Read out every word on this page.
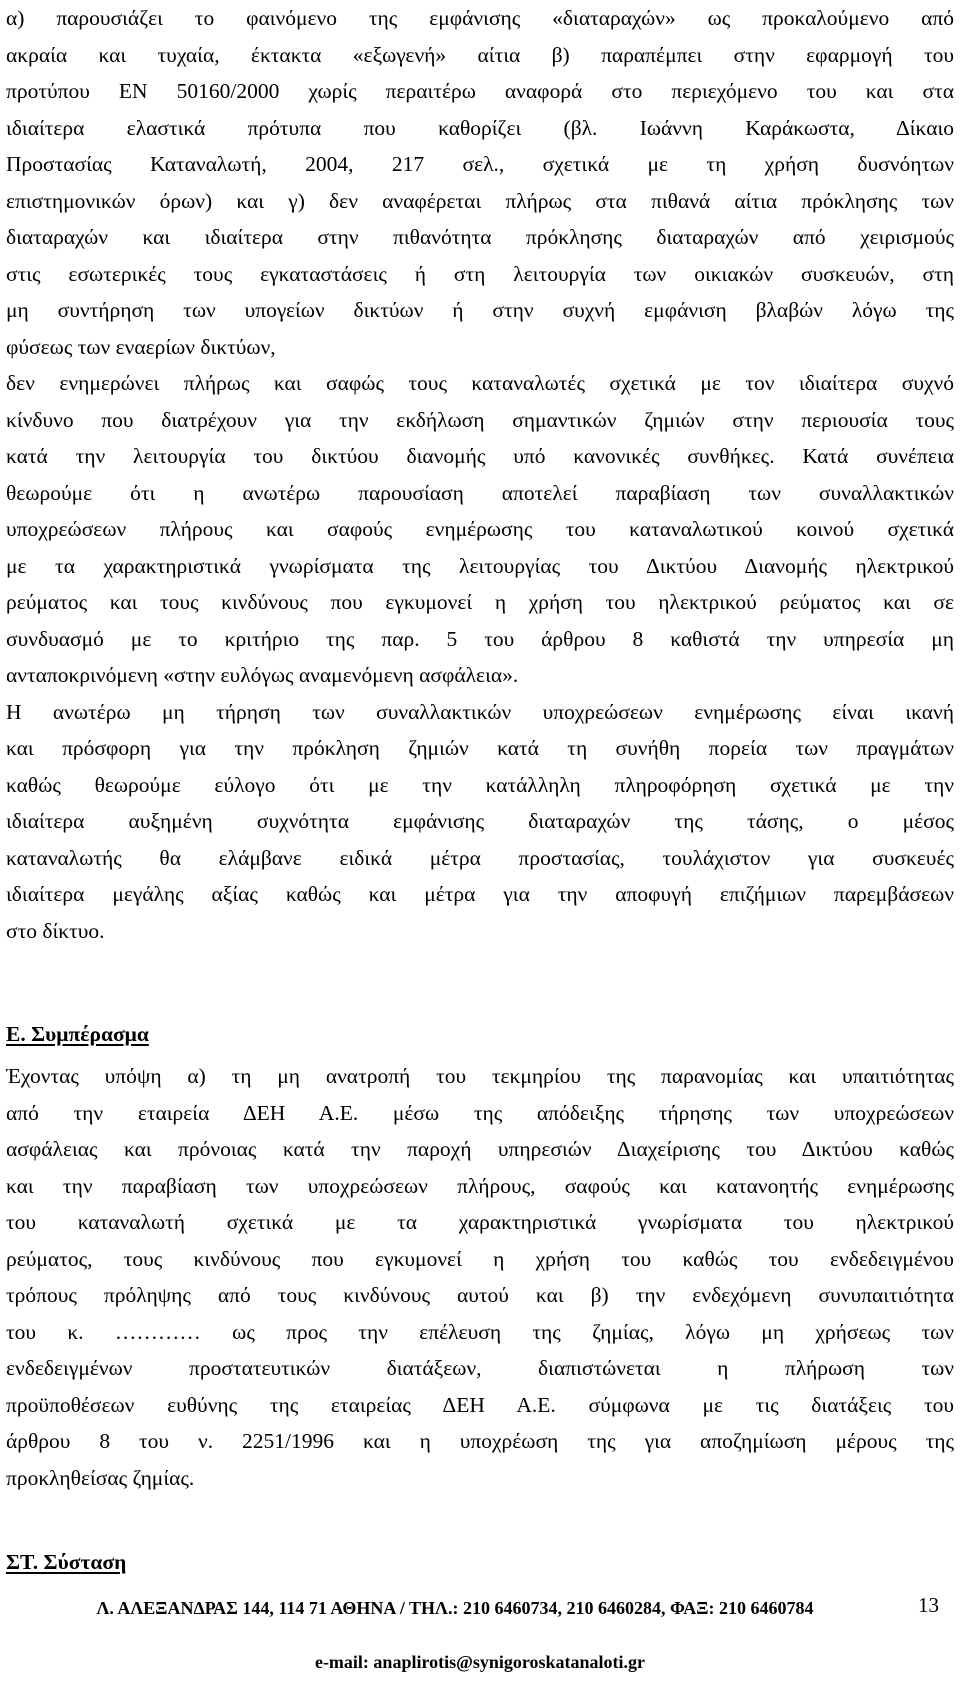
α) παρουσιάζει το φαινόμενο της εμφάνισης «διαταραχών» ως προκαλούμενο από
ακραία και τυχαία, έκτακτα «εξωγενή» αίτια β) παραπέμπει στην εφαρμογή του
προτύπου ΕΝ 50160/2000 χωρίς περαιτέρω αναφορά στο περιεχόμενο του και στα
ιδιαίτερα ελαστικά πρότυπα που καθορίζει (βλ. Ιωάννη Καράκωστα, Δίκαιο
Προστασίας Καταναλωτή, 2004, 217 σελ., σχετικά με τη χρήση δυσνόητων
επιστημονικών όρων) και γ) δεν αναφέρεται πλήρως στα πιθανά αίτια πρόκλησης των
διαταραχών και ιδιαίτερα στην πιθανότητα πρόκλησης διαταραχών από χειρισμούς
στις εσωτερικές τους εγκαταστάσεις ή στη λειτουργία των οικιακών συσκευών, στη
μη συντήρηση των υπογείων δικτύων ή στην συχνή εμφάνιση βλαβών λόγω της
φύσεως των εναερίων δικτύων,
δεν ενημερώνει πλήρως και σαφώς τους καταναλωτές σχετικά με τον ιδιαίτερα συχνό
κίνδυνο που διατρέχουν για την εκδήλωση σημαντικών ζημιών στην περιουσία τους
κατά την λειτουργία του δικτύου διανομής υπό κανονικές συνθήκες. Κατά συνέπεια
θεωρούμε ότι η ανωτέρω παρουσίαση αποτελεί παραβίαση των συναλλακτικών
υποχρεώσεων πλήρους και σαφούς ενημέρωσης του καταναλωτικού κοινού σχετικά
με τα χαρακτηριστικά γνωρίσματα της λειτουργίας του Δικτύου Διανομής ηλεκτρικού
ρεύματος και τους κινδύνους που εγκυμονεί η χρήση του ηλεκτρικού ρεύματος και σε
συνδυασμό με το κριτήριο της παρ. 5 του άρθρου 8 καθιστά την υπηρεσία μη
ανταποκρινόμενη «στην ευλόγως αναμενόμενη ασφάλεια».
Η ανωτέρω μη τήρηση των συναλλακτικών υποχρεώσεων ενημέρωσης είναι ικανή
και πρόσφορη για την πρόκληση ζημιών κατά τη συνήθη πορεία των πραγμάτων
καθώς θεωρούμε εύλογο ότι με την κατάλληλη πληροφόρηση σχετικά με την
ιδιαίτερα αυξημένη συχνότητα εμφάνισης διαταραχών της τάσης, ο μέσος
καταναλωτής θα ελάμβανε ειδικά μέτρα προστασίας, τουλάχιστον για συσκευές
ιδιαίτερα μεγάλης αξίας καθώς και μέτρα για την αποφυγή επιζήμιων παρεμβάσεων
στο δίκτυο.
Ε. Συμπέρασμα
Έχοντας υπόψη α) τη μη ανατροπή του τεκμηρίου της παρανομίας και υπαιτιότητας
από την εταιρεία ΔΕΗ Α.Ε. μέσω της απόδειξης τήρησης των υποχρεώσεων
ασφάλειας και πρόνοιας κατά την παροχή υπηρεσιών Διαχείρισης του Δικτύου καθώς
και την παραβίαση των υποχρεώσεων πλήρους, σαφούς και κατανοητής ενημέρωσης
του καταναλωτή σχετικά με τα χαρακτηριστικά γνωρίσματα του ηλεκτρικού
ρεύματος, τους κινδύνους που εγκυμονεί η χρήση του καθώς του ενδεδειγμένου
τρόπους πρόληψης από τους κινδύνους αυτού και β) την ενδεχόμενη συνυπαιτιότητα
του κ. ………… ως προς την επέλευση της ζημίας, λόγω μη χρήσεως των
ενδεδειγμένων προστατευτικών διατάξεων, διαπιστώνεται η πλήρωση των
προϋποθέσεων ευθύνης της εταιρείας ΔΕΗ Α.Ε. σύμφωνα με τις διατάξεις του
άρθρου 8 του ν. 2251/1996 και η υποχρέωση της για αποζημίωση μέρους της
προκληθείσας ζημίας.
ΣΤ. Σύσταση
Λ. ΑΛΕΞΑΝΔΡΑΣ 144, 114 71 ΑΘΗΝΑ / ΤΗΛ.: 210 6460734, 210 6460284, ΦΑΞ: 210 6460784	13
e-mail: anaplirotis@synigoroskatanaloti.gr
